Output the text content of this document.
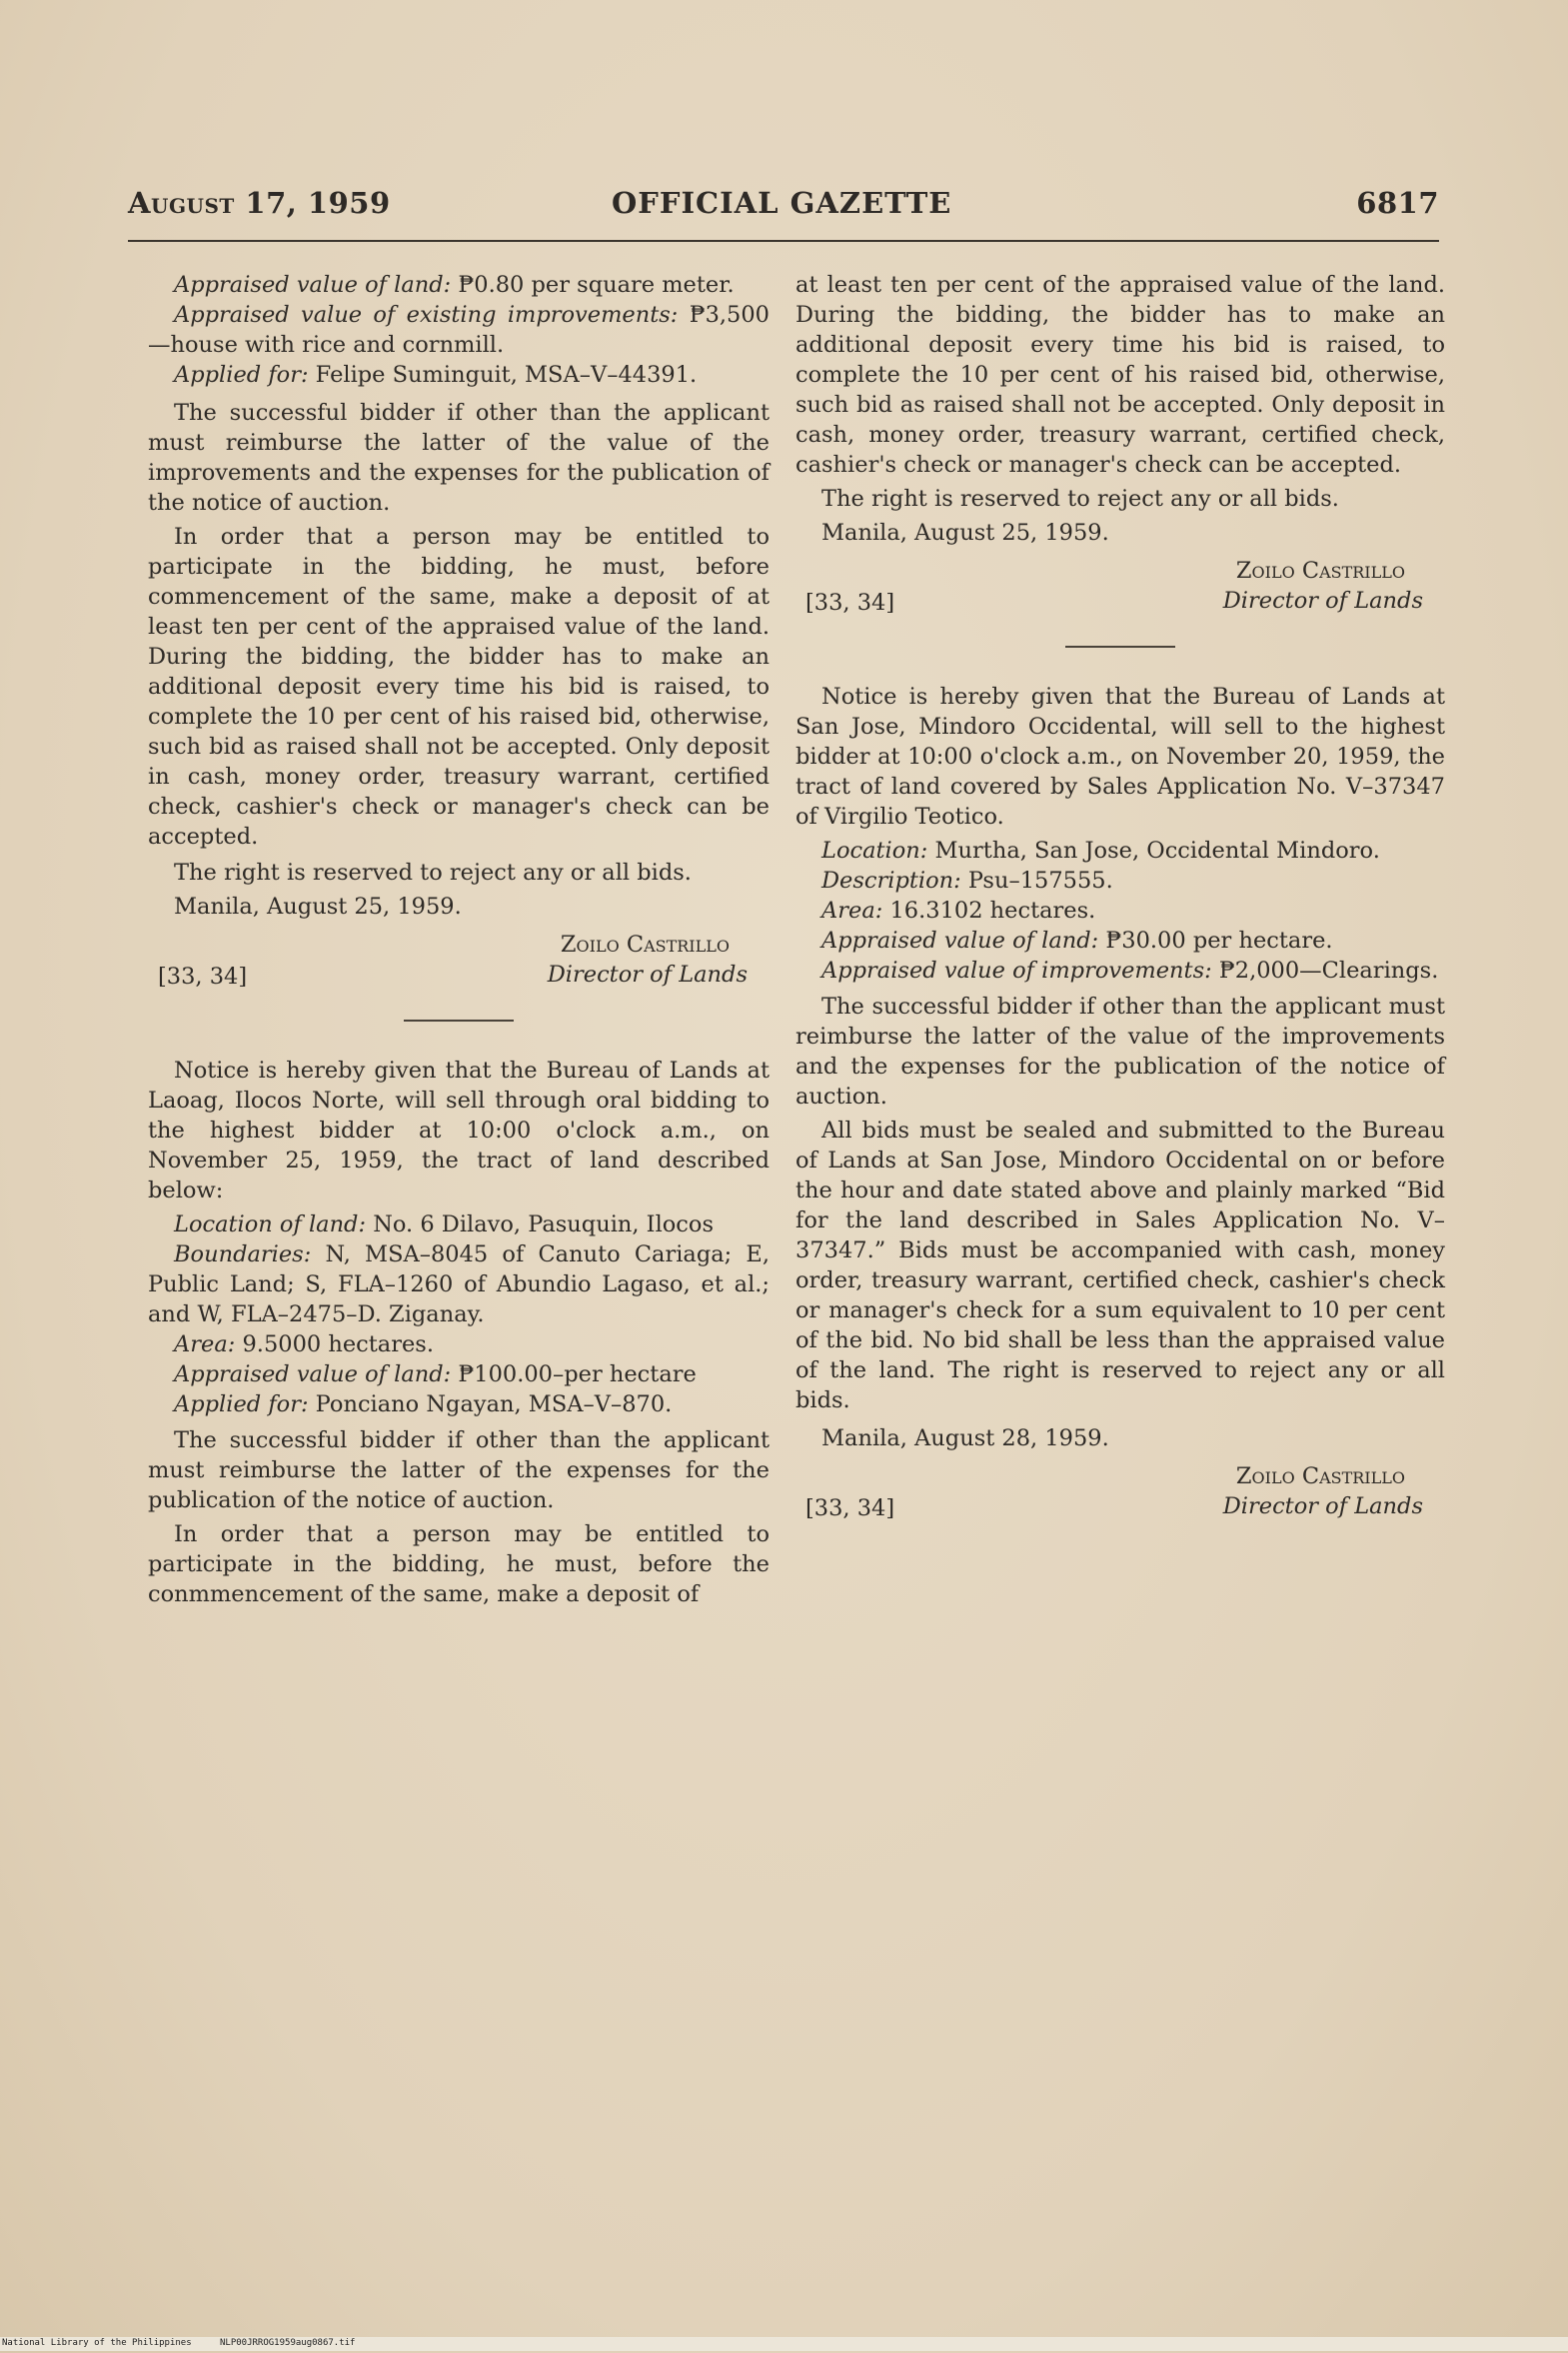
August 17, 1959	OFFICIAL GAZETTE	6817

Appraised value of land: ₱0.80 per square meter.

Appraised value of existing improvements: ₱3,500 —house with rice and cornmill.

Applied for: Felipe Suminguit, MSA–V–44391.

The successful bidder if other than the applicant must reimburse the latter of the value of the improvements and the expenses for the publication of the notice of auction.

In order that a person may be entitled to participate in the bidding, he must, before commencement of the same, make a deposit of at least ten per cent of the appraised value of the land. During the bidding, the bidder has to make an additional deposit every time his bid is raised, to complete the 10 per cent of his raised bid, otherwise, such bid as raised shall not be accepted. Only deposit in cash, money order, treasury warrant, certified check, cashier's check or manager's check can be accepted.

The right is reserved to reject any or all bids.

Manila, August 25, 1959.

[33, 34]
Zoilo Castrillo
Director of Lands

Notice is hereby given that the Bureau of Lands at Laoag, Ilocos Norte, will sell through oral bidding to the highest bidder at 10:00 o'clock a.m., on November 25, 1959, the tract of land described below:

Location of land: No. 6 Dilavo, Pasuquin, Ilocos

Boundaries: N, MSA–8045 of Canuto Cariaga; E, Public Land; S, FLA–1260 of Abundio Lagaso, et al.; and W, FLA–2475–D. Ziganay.

Area: 9.5000 hectares.

Appraised value of land: ₱100.00–per hectare

Applied for: Ponciano Ngayan, MSA–V–870.

The successful bidder if other than the applicant must reimburse the latter of the expenses for the publication of the notice of auction.

In order that a person may be entitled to participate in the bidding, he must, before the conmmencement of the same, make a deposit of

at least ten per cent of the appraised value of the land. During the bidding, the bidder has to make an additional deposit every time his bid is raised, to complete the 10 per cent of his raised bid, otherwise, such bid as raised shall not be accepted. Only deposit in cash, money order, treasury warrant, certified check, cashier's check or manager's check can be accepted.

The right is reserved to reject any or all bids.

Manila, August 25, 1959.

[33, 34]
Zoilo Castrillo
Director of Lands

Notice is hereby given that the Bureau of Lands at San Jose, Mindoro Occidental, will sell to the highest bidder at 10:00 o'clock a.m., on November 20, 1959, the tract of land covered by Sales Application No. V–37347 of Virgilio Teotico.

Location: Murtha, San Jose, Occidental Mindoro.

Description: Psu–157555.

Area: 16.3102 hectares.

Appraised value of land: ₱30.00 per hectare.

Appraised value of improvements: ₱2,000—Clearings.

The successful bidder if other than the applicant must reimburse the latter of the value of the improvements and the expenses for the publication of the notice of auction.

All bids must be sealed and submitted to the Bureau of Lands at San Jose, Mindoro Occidental on or before the hour and date stated above and plainly marked “Bid for the land described in Sales Application No. V–37347.” Bids must be accompanied with cash, money order, treasury warrant, certified check, cashier's check or manager's check for a sum equivalent to 10 per cent of the bid. No bid shall be less than the appraised value of the land. The right is reserved to reject any or all bids.

Manila, August 28, 1959.

[33, 34]
Zoilo Castrillo
Director of Lands
National Library of the Philippines	NLP00JRROG1959aug0867.tif
